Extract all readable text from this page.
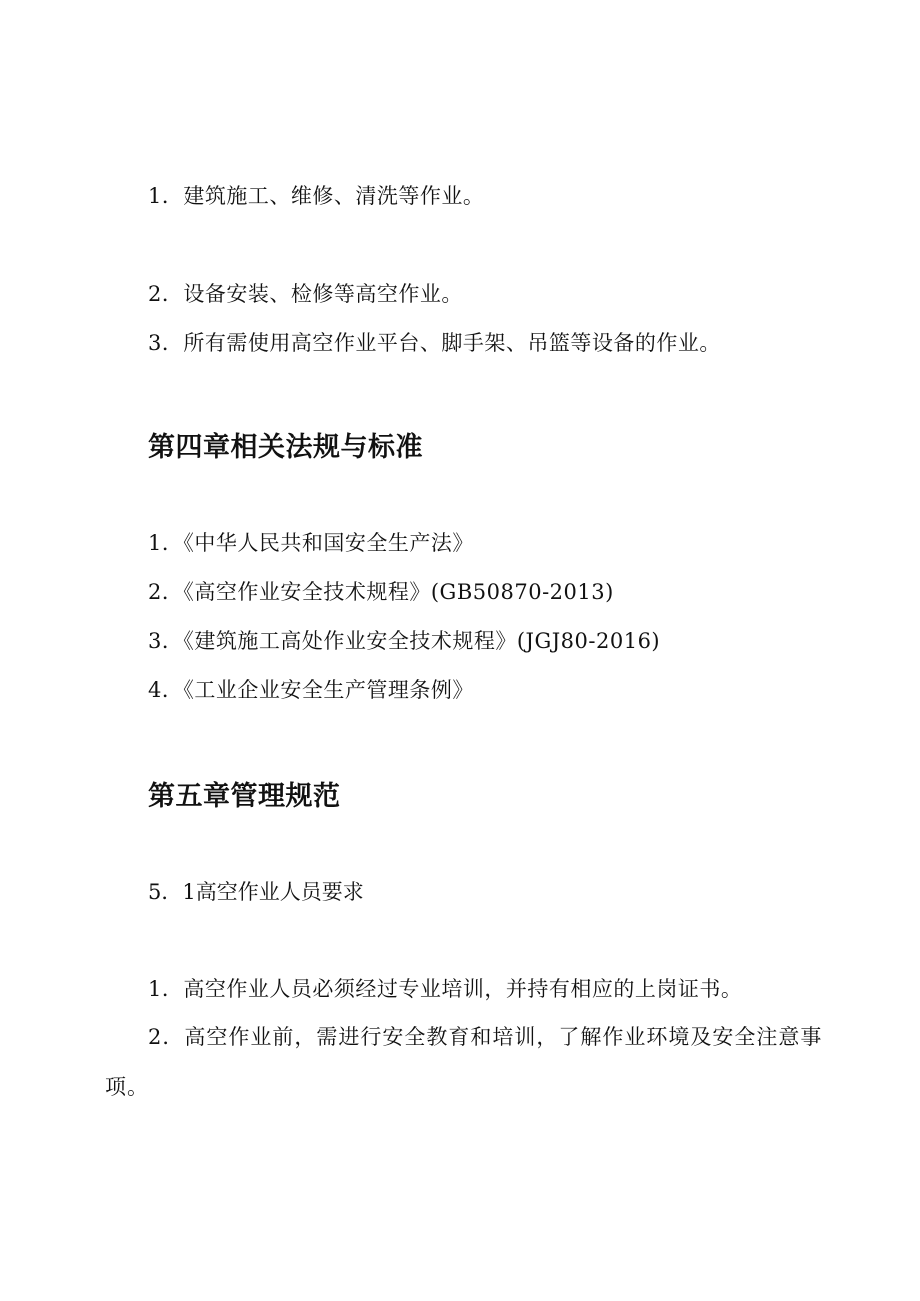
1．建筑施工、维修、清洗等作业。
2．设备安装、检修等高空作业。
3．所有需使用高空作业平台、脚手架、吊篮等设备的作业。
第四章相关法规与标准
1．《中华人民共和国安全生产法》
2．《高空作业安全技术规程》(GB50870-2013)
3．《建筑施工高处作业安全技术规程》(JGJ80-2016)
4．《工业企业安全生产管理条例》
第五章管理规范
5．1高空作业人员要求
1．高空作业人员必须经过专业培训，并持有相应的上岗证书。

2．高空作业前，需进行安全教育和培训，了解作业环境及安全注意事项。
